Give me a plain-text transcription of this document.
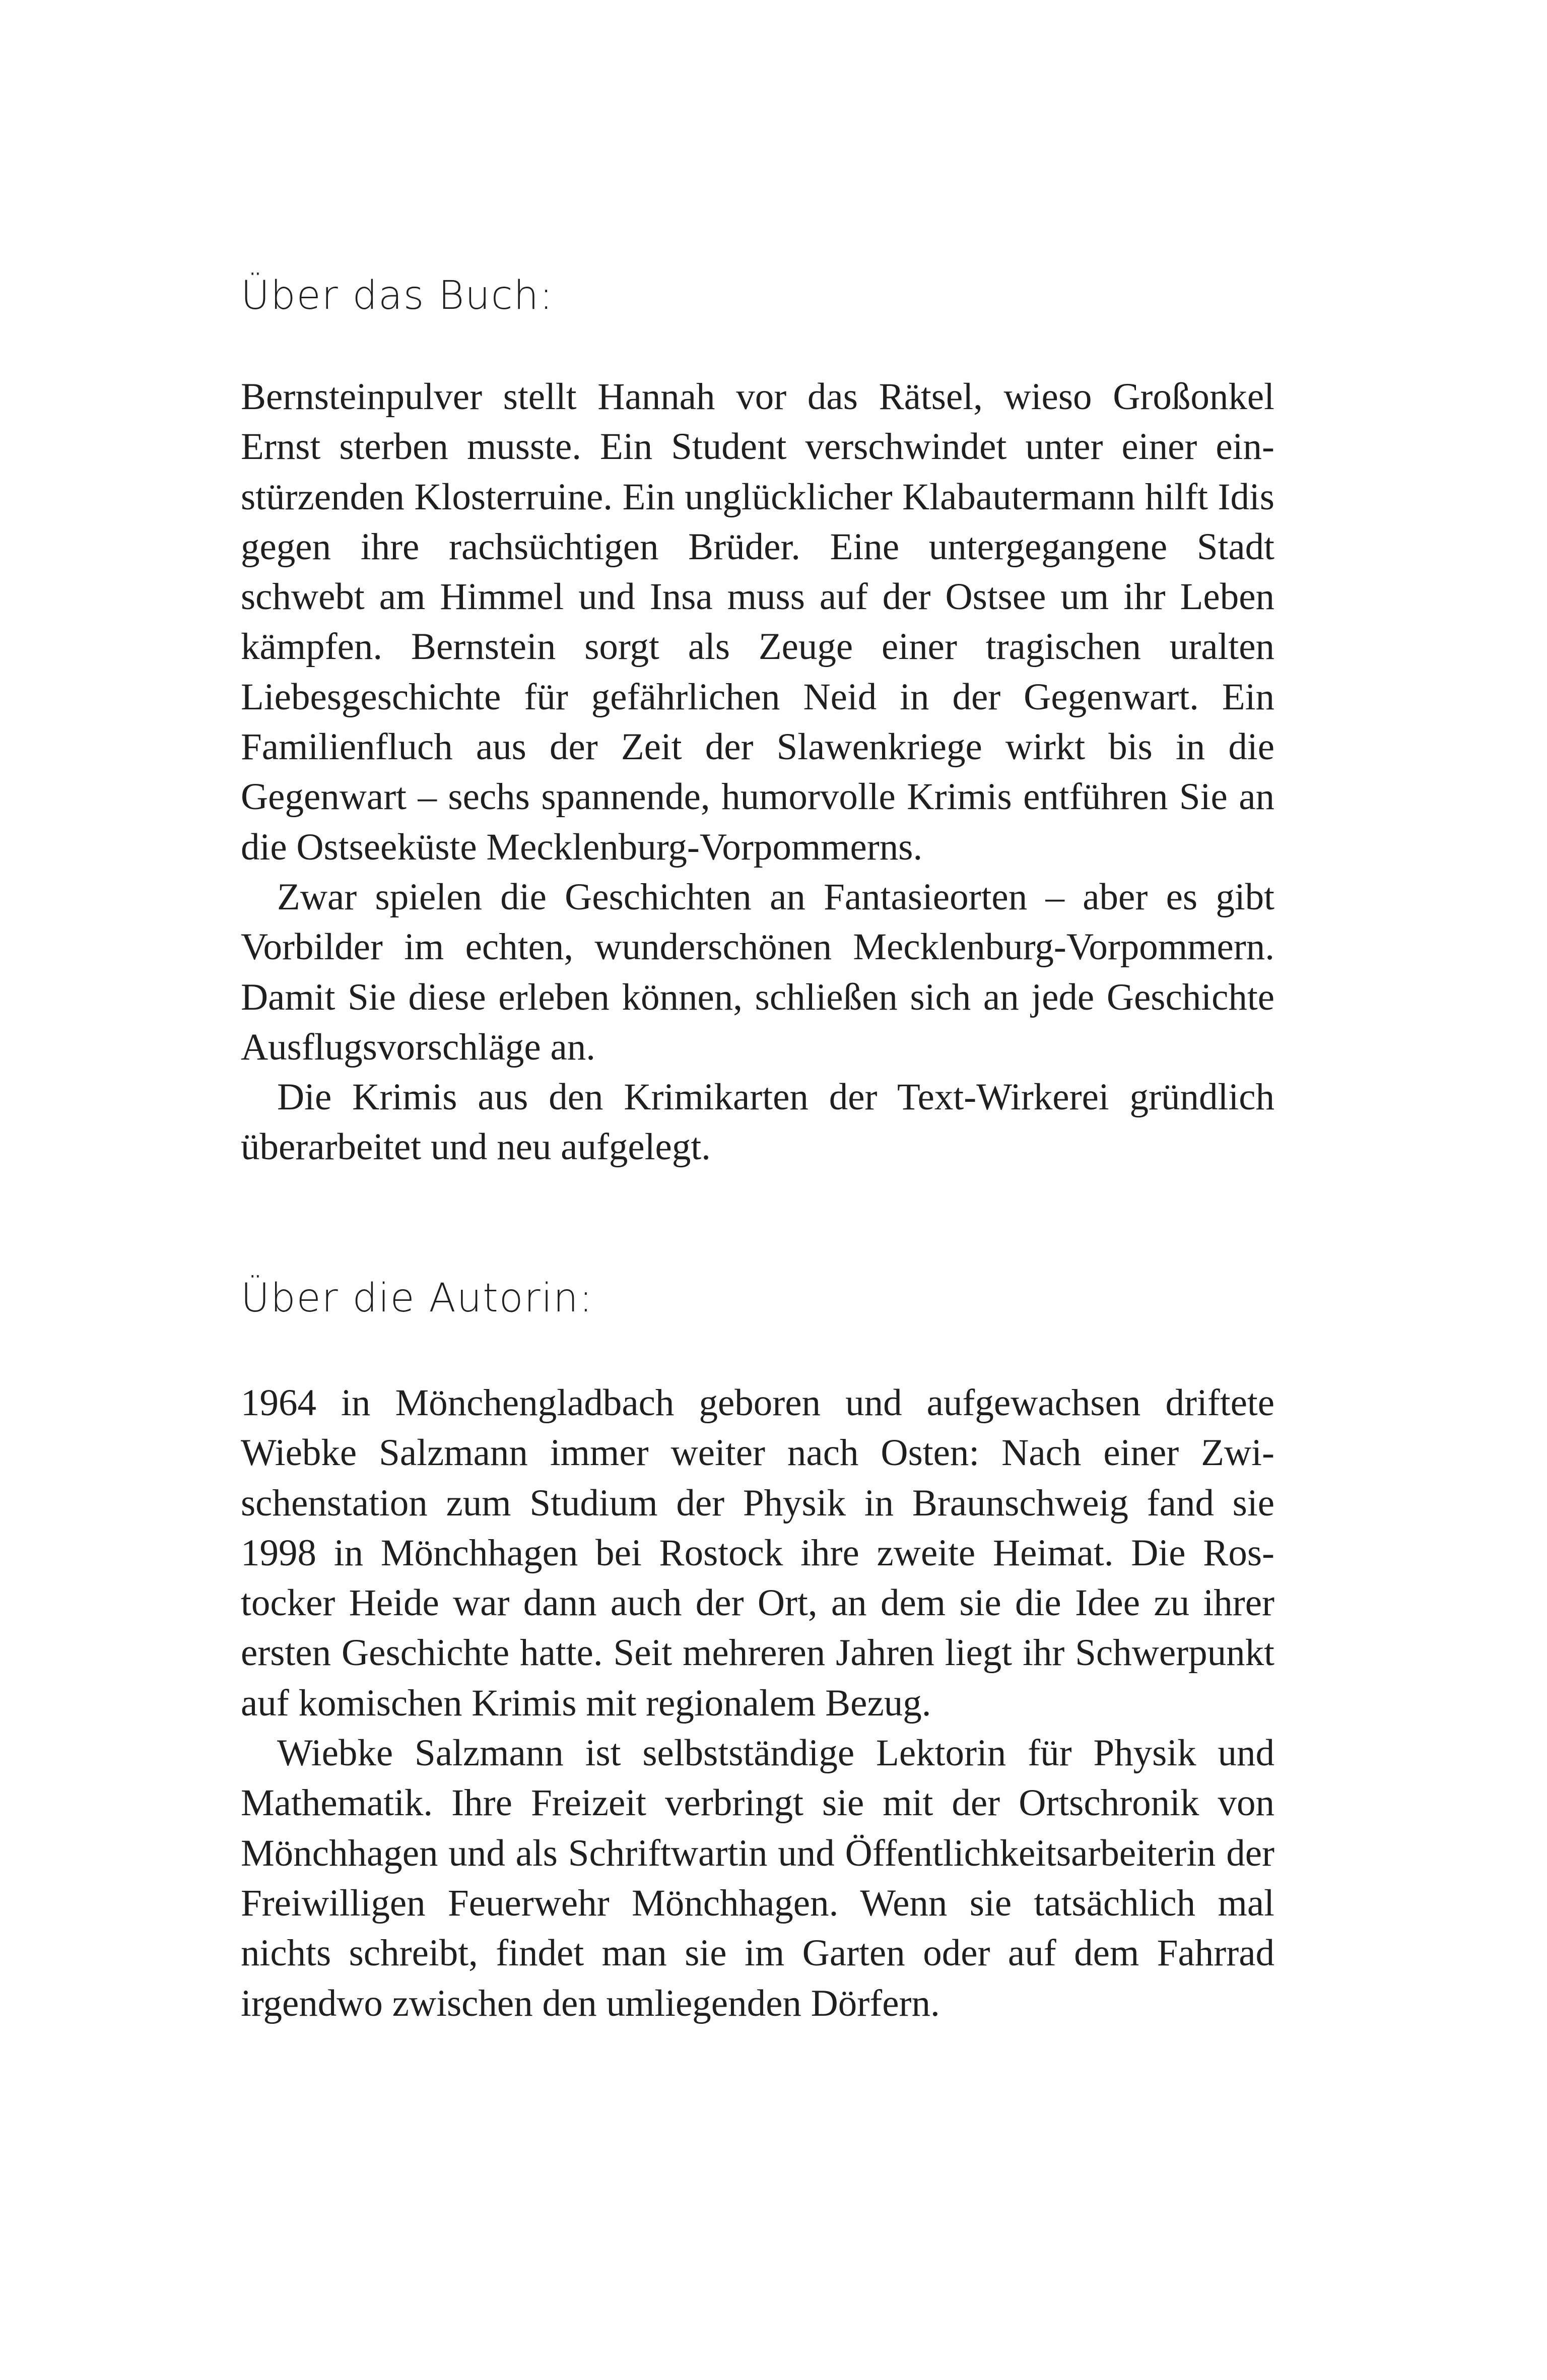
Über das Buch:

Bernsteinpulver stellt Hannah vor das Rätsel, wieso Großonkel Ernst sterben musste. Ein Student verschwindet unter einer einstürzenden Klosterruine. Ein unglücklicher Klabautermann hilft Idis gegen ihre rachsüchtigen Brüder. Eine untergegangene Stadt schwebt am Himmel und Insa muss auf der Ostsee um ihr Leben kämpfen. Bernstein sorgt als Zeuge einer tragischen uralten Liebesgeschichte für gefährlichen Neid in der Gegenwart. Ein Familienfluch aus der Zeit der Slawenkriege wirkt bis in die Gegenwart – sechs spannende, humorvolle Krimis entführen Sie an die Ostseeküste Mecklenburg-Vorpommerns.

Zwar spielen die Geschichten an Fantasieorten – aber es gibt Vorbilder im echten, wunderschönen Mecklenburg-Vorpommern. Damit Sie diese erleben können, schließen sich an jede Geschichte Ausflugsvorschläge an.

Die Krimis aus den Krimikarten der Text-Wirkerei gründlich überarbeitet und neu aufgelegt.

Über die Autorin:

1964 in Mönchengladbach geboren und aufgewachsen driftete Wiebke Salzmann immer weiter nach Osten: Nach einer Zwischenstation zum Studium der Physik in Braunschweig fand sie 1998 in Mönchhagen bei Rostock ihre zweite Heimat. Die Rostocker Heide war dann auch der Ort, an dem sie die Idee zu ihrer ersten Geschichte hatte. Seit mehreren Jahren liegt ihr Schwerpunkt auf komischen Krimis mit regionalem Bezug.

Wiebke Salzmann ist selbstständige Lektorin für Physik und Mathematik. Ihre Freizeit verbringt sie mit der Ortschronik von Mönchhagen und als Schriftwartin und Öffentlichkeitsarbeiterin der Freiwilligen Feuerwehr Mönchhagen. Wenn sie tatsächlich mal nichts schreibt, findet man sie im Garten oder auf dem Fahrrad irgendwo zwischen den umliegenden Dörfern.
